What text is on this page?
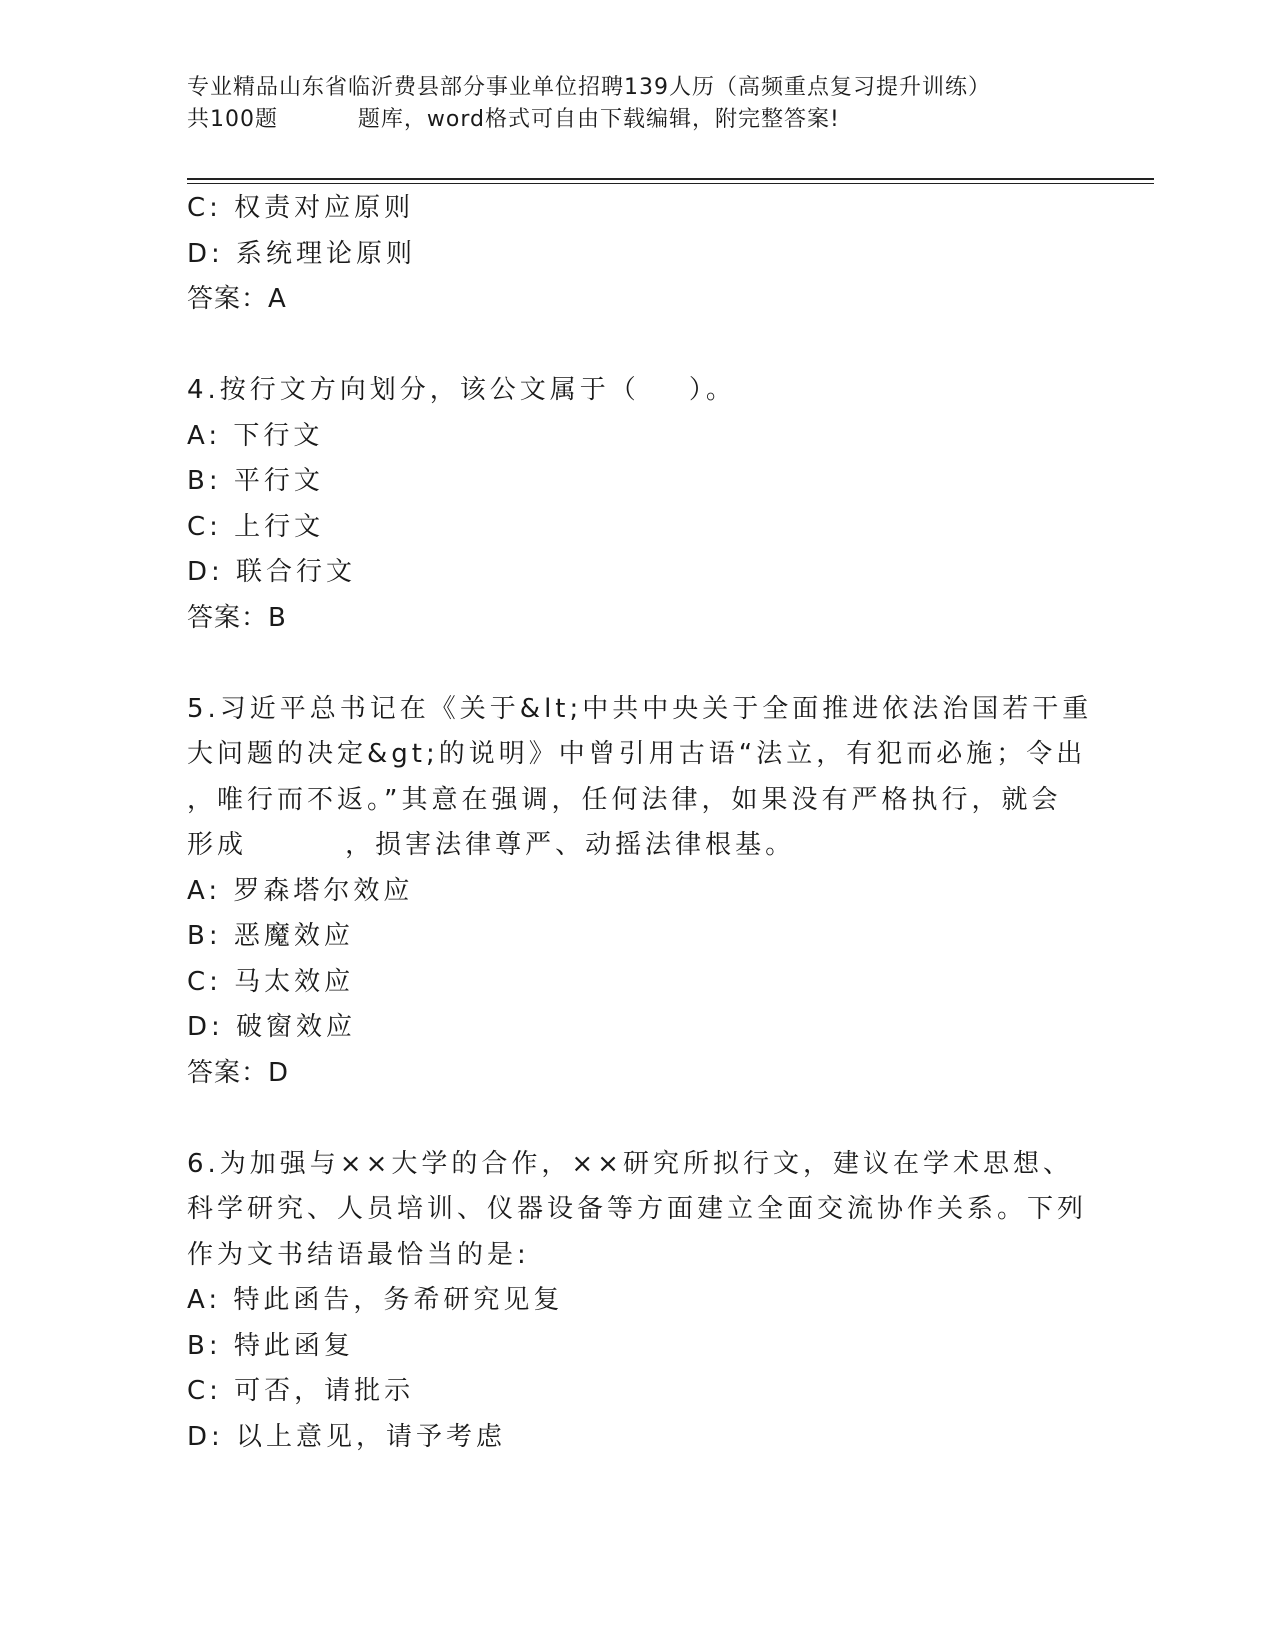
专业精品山东省临沂费县部分事业单位招聘139人历（高频重点复习提升训练）
共100题          题库，word格式可自由下载编辑，附完整答案!
C: 权责对应原则
D: 系统理论原则
答案：A
4.按行文方向划分，该公文属于（    ）。
A: 下行文
B: 平行文
C: 上行文
D: 联合行文
答案：B
5.习近平总书记在《关于&lt;中共中央关于全面推进依法治国若干重
大问题的决定&gt;的说明》中曾引用古语“法立，有犯而必施；令出
，唯行而不返。”其意在强调，任何法律，如果没有严格执行，就会
形成        ，损害法律尊严、动摇法律根基。
A: 罗森塔尔效应
B: 恶魔效应
C: 马太效应
D: 破窗效应
答案：D
6.为加强与××大学的合作，××研究所拟行文，建议在学术思想、
科学研究、人员培训、仪器设备等方面建立全面交流协作关系。下列
作为文书结语最恰当的是:
A: 特此函告，务希研究见复
B: 特此函复
C: 可否，请批示
D: 以上意见，请予考虑
